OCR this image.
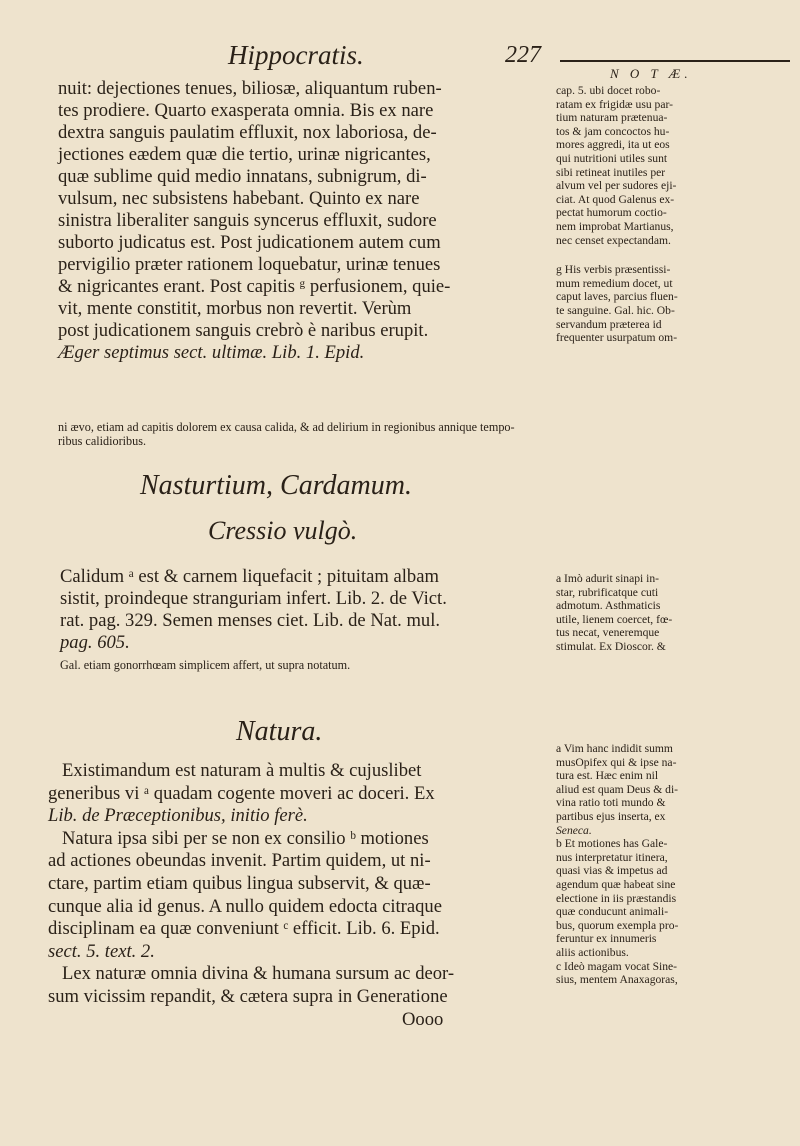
Hippocratis.	227
N O T Æ.
nuit: dejectiones tenues, biliosæ, aliquantum ruben-
tes prodiere. Quarto exasperata omnia. Bis ex nare
dextra sanguis paulatim effluxit, nox laboriosa, de-
jectiones eædem quæ die tertio, urinæ nigricantes,
quæ sublime quid medio innatans, subnigrum, di-
vulsum, nec subsistens habebant. Quinto ex nare
sinistra liberaliter sanguis syncerus effluxit, sudore
suborto judicatus est. Post judicationem autem cum
pervigilio præter rationem loquebatur, urinæ tenues
& nigricantes erant. Post capitis ᵍ perfusionem, quie-
vit, mente constitit, morbus non revertit. Verùm
post judicationem sanguis crebrò è naribus erupit.
Æger septimus sect. ultimæ. Lib. 1. Epid.
cap. 5. ubi docet robo-
ratam ex frigidæ usu par-
tium naturam prætenua-
tos & jam concoctos hu-
mores aggredi, ita ut eos
qui nutritioni utiles sunt
sibi retineat inutiles per
alvum vel per sudores eji-
ciat. At quod Galenus ex-
pectat humorum coctio-
nem improbat Martianus,
nec censet expectandam.
g His verbis præsentissi-
mum remedium docet, ut
caput laves, parcius fluen-
te sanguine. Gal. hic. Ob-
servandum præterea id
frequenter usurpatum om-
ni ævo, etiam ad capitis dolorem ex causa calida, & ad delirium in regionibus annique tempo-
ribus calidioribus.
Nasturtium, Cardamum.
Cressio vulgò.
Calidum ᵃ est & carnem liquefacit ; pituitam albam
sistit, proindeque stranguriam infert. Lib. 2. de Vict.
rat. pag. 329. Semen menses ciet. Lib. de Nat. mul.
pag. 605.
Gal. etiam gonorrhœam simplicem affert, ut supra notatum.
a Imò adurit sinapi in-
star, rubrificatque cuti
admotum. Asthmaticis
utile, lienem coercet, fœ-
tus necat, veneremque
stimulat. Ex Dioscor. &
Natura.
Existimandum est naturam à multis & cujuslibet
generibus vi ᵃ quadam cogente moveri ac doceri. Ex
Lib. de Præceptionibus, initio ferè.
Natura ipsa sibi per se non ex consilio ᵇ motiones
ad actiones obeundas invenit. Partim quidem, ut ni-
ctare, partim etiam quibus lingua subservit, & quæ-
cunque alia id genus. A nullo quidem edocta citraque
disciplinam ea quæ conveniunt ᶜ efficit. Lib. 6. Epid.
sect. 5. text. 2.
Lex naturæ omnia divina & humana sursum ac deor-
sum vicissim repandit, & cætera supra in Generatione
Oooo
a Vim hanc indidit summ
musOpifex qui & ipse na-
tura est. Hæc enim nil
aliud est quam Deus & di-
vina ratio toti mundo &
partibus ejus inserta, ex
Seneca.
b Et motiones has Gale-
nus interpretatur itinera,
quasi vias & impetus ad
agendum quæ habeat sine
electione in iis præstandis
quæ conducunt animali-
bus, quorum exempla pro-
feruntur ex innumeris
aliis actionibus.
c Ideò magam vocat Sine-
sius, mentem Anaxagoras,
